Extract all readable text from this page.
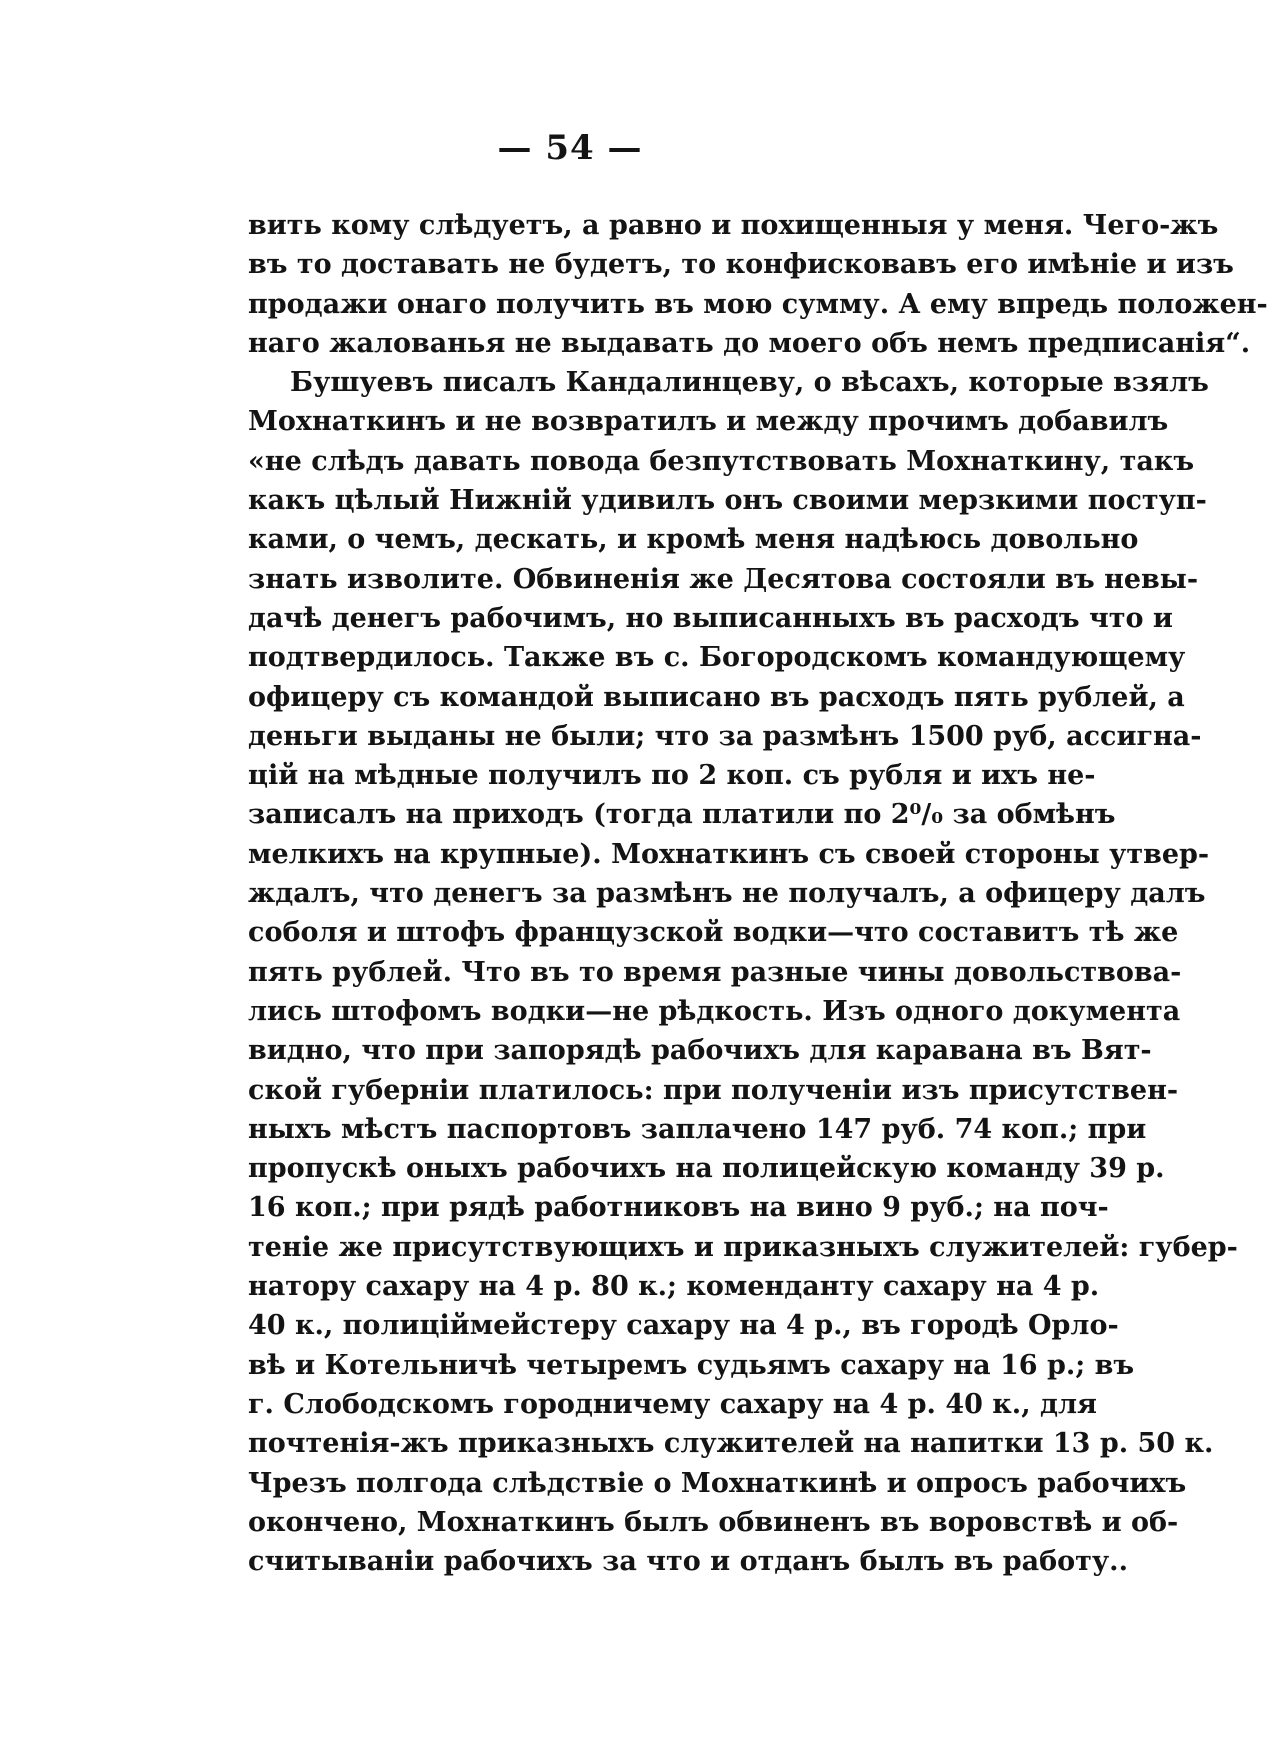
— 54 —
вить кому слѣдуетъ, а равно и похищенныя у меня. Чего-жъ
въ то доставать не будетъ, то конфисковавъ его имѣніе и изъ
продажи онаго получить въ мою сумму. А ему впредь положен-
наго жалованья не выдавать до моего объ немъ предписанія“.
Бушуевъ писалъ Кандалинцеву, о вѣсахъ, которые взялъ
Мохнаткинъ и не возвратилъ и между прочимъ добавилъ
«не слѣдъ давать повода безпутствовать Мохнаткину, такъ
какъ цѣлый Нижній удивилъ онъ своими мерзкими поступ-
ками, о чемъ, дескать, и кромѣ меня надѣюсь довольно
знать изволите. Обвиненія же Десятова состояли въ невы-
дачѣ денегъ рабочимъ, но выписанныхъ въ расходъ что и
подтвердилось. Также въ с. Богородскомъ командующему
офицеру съ командой выписано въ расходъ пять рублей, а
деньги выданы не были; что за размѣнъ 1500 руб, ассигна-
цій на мѣдные получилъ по 2 коп. съ рубля и ихъ не-
записалъ на приходъ (тогда платили по 2⁰/₀ за обмѣнъ
мелкихъ на крупные). Мохнаткинъ съ своей стороны утвер-
ждалъ, что денегъ за размѣнъ не получалъ, а офицеру далъ
соболя и штофъ французской водки—что составитъ тѣ же
пять рублей. Что въ то время разные чины довольствова-
лись штофомъ водки—не рѣдкость. Изъ одного документа
видно, что при запорядѣ рабочихъ для каравана въ Вят-
ской губерніи платилось: при полученіи изъ присутствен-
ныхъ мѣстъ паспортовъ заплачено 147 руб. 74 коп.; при
пропускѣ оныхъ рабочихъ на полицейскую команду 39 р.
16 коп.; при рядѣ работниковъ на вино 9 руб.; на поч-
теніе же присутствующихъ и приказныхъ служителей: губер-
натору сахару на 4 р. 80 к.; коменданту сахару на 4 р.
40 к., полиціймейстеру сахару на 4 р., въ городѣ Орло-
вѣ и Котельничѣ четыремъ судьямъ сахару на 16 р.; въ
г. Слободскомъ городничему сахару на 4 р. 40 к., для
почтенія-жъ приказныхъ служителей на напитки 13 р. 50 к.
Чрезъ полгода слѣдствіе о Мохнаткинѣ и опросъ рабочихъ
окончено, Мохнаткинъ былъ обвиненъ въ воровствѣ и об-
считываніи рабочихъ за что и отданъ былъ въ работу..
